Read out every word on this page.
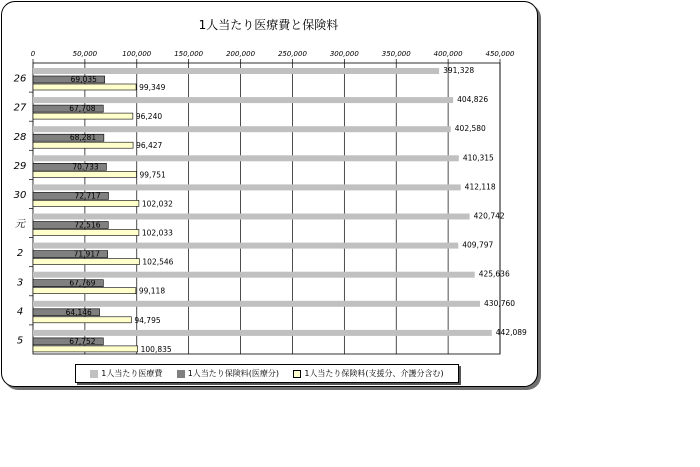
1人当たり医療費と保険料
0	50,000	100,000	150,000	200,000	250,000	300,000	350,000	400,000	450,000
26
391,328
69,035
99,349
27
404,826
67,708
96,240
28
402,580
68,281
96,427
29
410,315
70,733
99,751
30
412,118
72,717
102,032
元
420,742
72,516
102,033
2
409,797
71,917
102,546
3
425,636
67,769
99,118
4
430,760
64,146
94,795
5
442,089
67,752
100,835
1人当たり医療費	1人当たり保険料(医療分)	1人当たり保険料(支援分、介護分含む)
